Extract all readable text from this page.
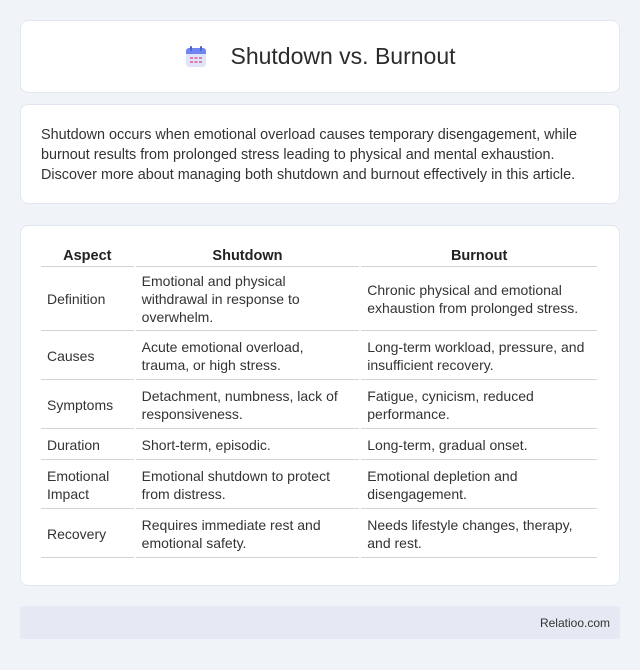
Shutdown vs. Burnout

Shutdown occurs when emotional overload causes temporary disengagement, while burnout results from prolonged stress leading to physical and mental exhaustion. Discover more about managing both shutdown and burnout effectively in this article.

Aspect	Shutdown	Burnout
Definition	Emotional and physical withdrawal in response to overwhelm.	Chronic physical and emotional exhaustion from prolonged stress.
Causes	Acute emotional overload, trauma, or high stress.	Long-term workload, pressure, and insufficient recovery.
Symptoms	Detachment, numbness, lack of responsiveness.	Fatigue, cynicism, reduced performance.
Duration	Short-term, episodic.	Long-term, gradual onset.
Emotional Impact	Emotional shutdown to protect from distress.	Emotional depletion and disengagement.
Recovery	Requires immediate rest and emotional safety.	Needs lifestyle changes, therapy, and rest.
Relatioo.com
